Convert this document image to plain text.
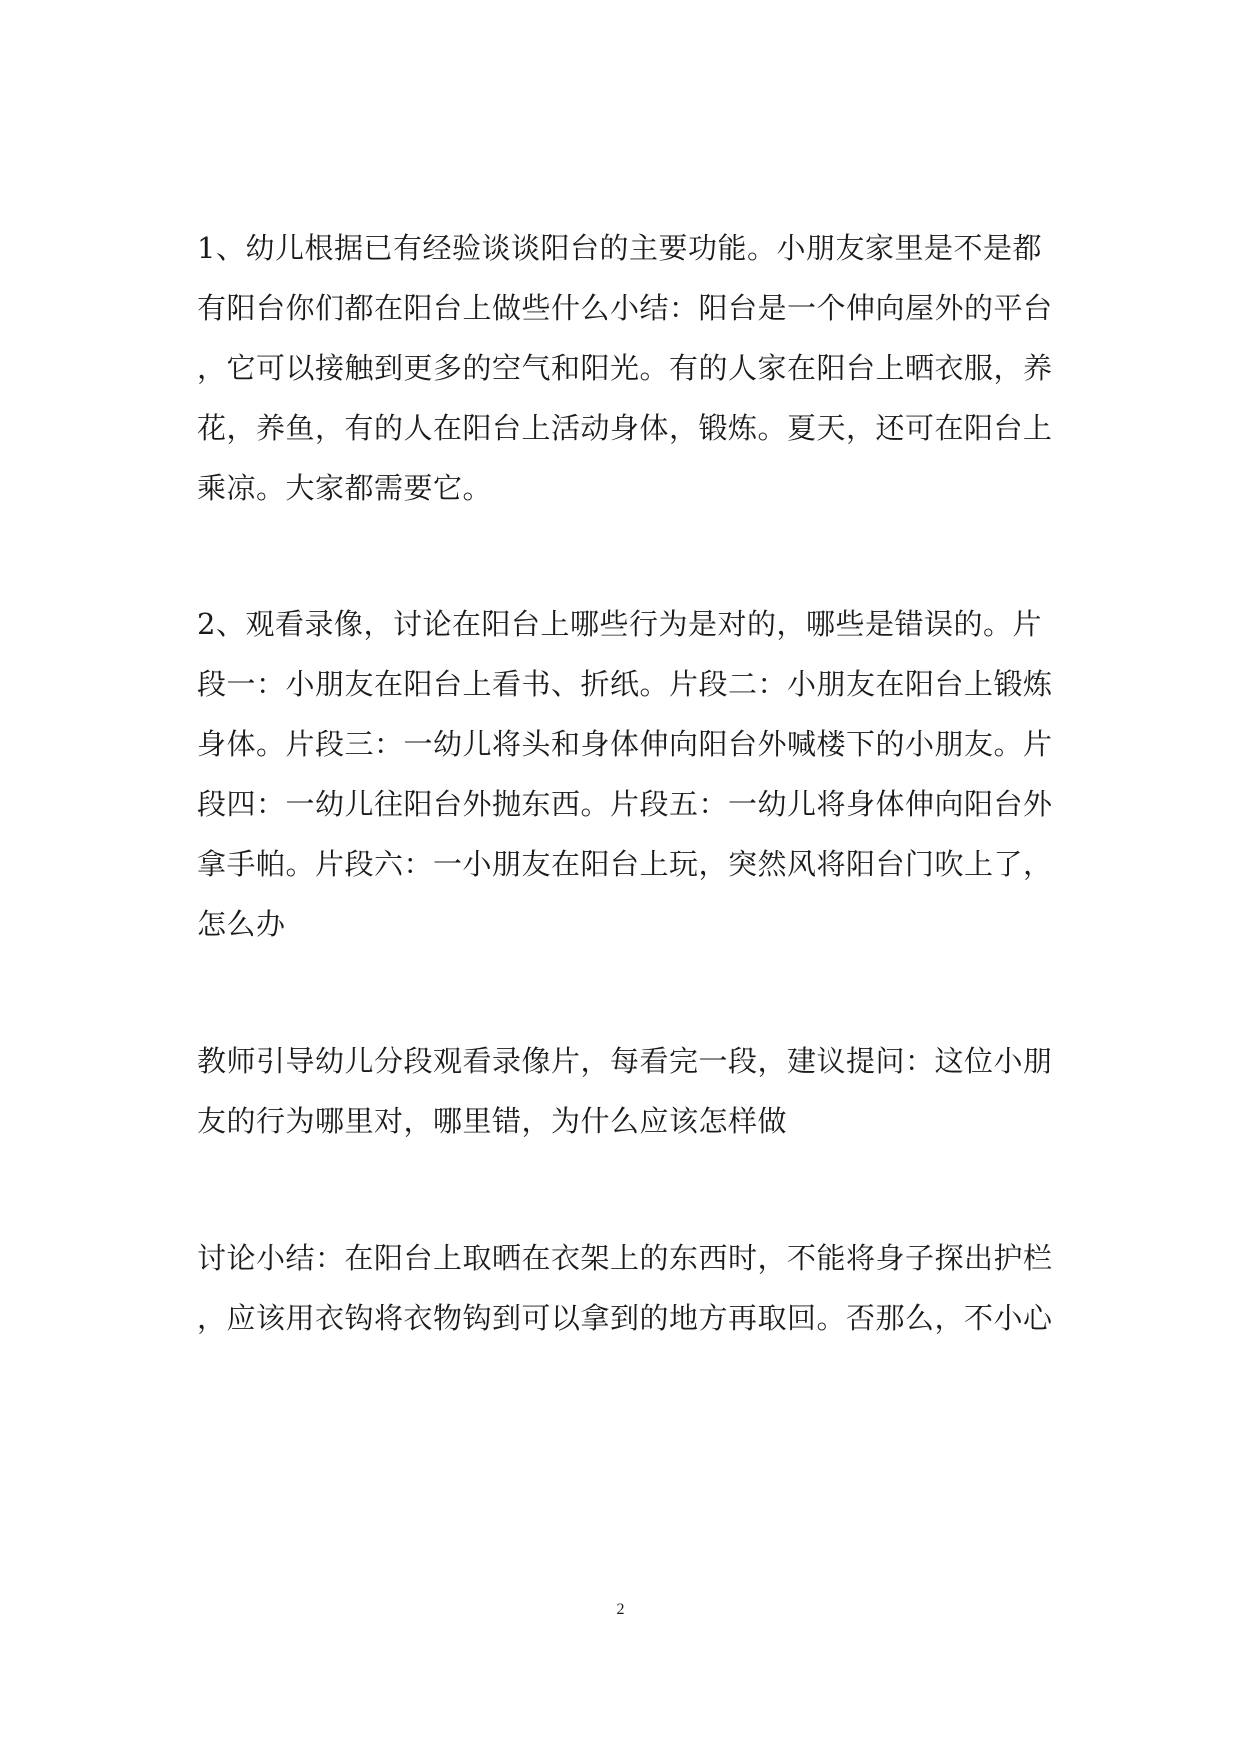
1、幼儿根据已有经验谈谈阳台的主要功能。小朋友家里是不是都
有阳台你们都在阳台上做些什么小结：阳台是一个伸向屋外的平台
，它可以接触到更多的空气和阳光。有的人家在阳台上晒衣服，养
花，养鱼，有的人在阳台上活动身体，锻炼。夏天，还可在阳台上
乘凉。大家都需要它。
2、观看录像，讨论在阳台上哪些行为是对的，哪些是错误的。片
段一：小朋友在阳台上看书、折纸。片段二：小朋友在阳台上锻炼
身体。片段三：一幼儿将头和身体伸向阳台外喊楼下的小朋友。片
段四：一幼儿往阳台外抛东西。片段五：一幼儿将身体伸向阳台外
拿手帕。片段六：一小朋友在阳台上玩，突然风将阳台门吹上了，
怎么办
教师引导幼儿分段观看录像片，每看完一段，建议提问：这位小朋
友的行为哪里对，哪里错，为什么应该怎样做
讨论小结：在阳台上取晒在衣架上的东西时，不能将身子探出护栏
，应该用衣钩将衣物钩到可以拿到的地方再取回。否那么，不小心
2
